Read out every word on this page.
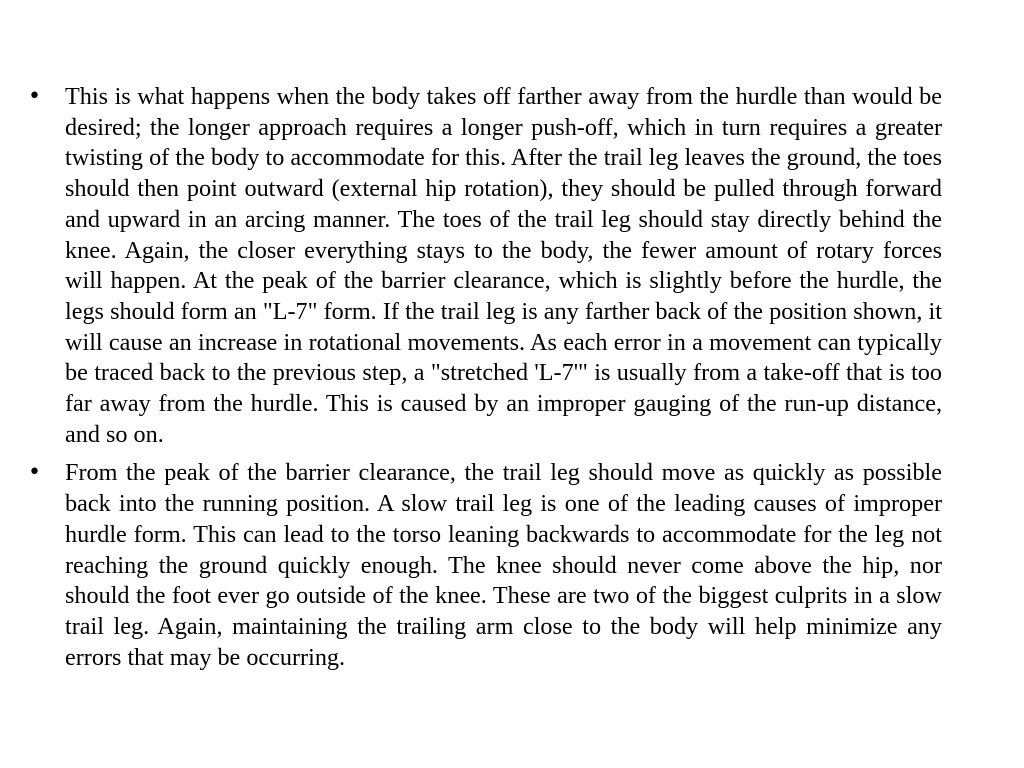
• This is what happens when the body takes off farther away from the hurdle than would be desired; the longer approach requires a longer push-off, which in turn requires a greater twisting of the body to accommodate for this. After the trail leg leaves the ground, the toes should then point outward (external hip rotation), they should be pulled through forward and upward in an arcing manner. The toes of the trail leg should stay directly behind the knee. Again, the closer everything stays to the body, the fewer amount of rotary forces will happen. At the peak of the barrier clearance, which is slightly before the hurdle, the legs should form an "L-7" form. If the trail leg is any farther back of the position shown, it will cause an increase in rotational movements. As each error in a movement can typically be traced back to the previous step, a "stretched 'L-7'" is usually from a take-off that is too far away from the hurdle. This is caused by an improper gauging of the run-up distance, and so on.
• From the peak of the barrier clearance, the trail leg should move as quickly as possible back into the running position. A slow trail leg is one of the leading causes of improper hurdle form. This can lead to the torso leaning backwards to accommodate for the leg not reaching the ground quickly enough. The knee should never come above the hip, nor should the foot ever go outside of the knee. These are two of the biggest culprits in a slow trail leg. Again, maintaining the trailing arm close to the body will help minimize any errors that may be occurring.
